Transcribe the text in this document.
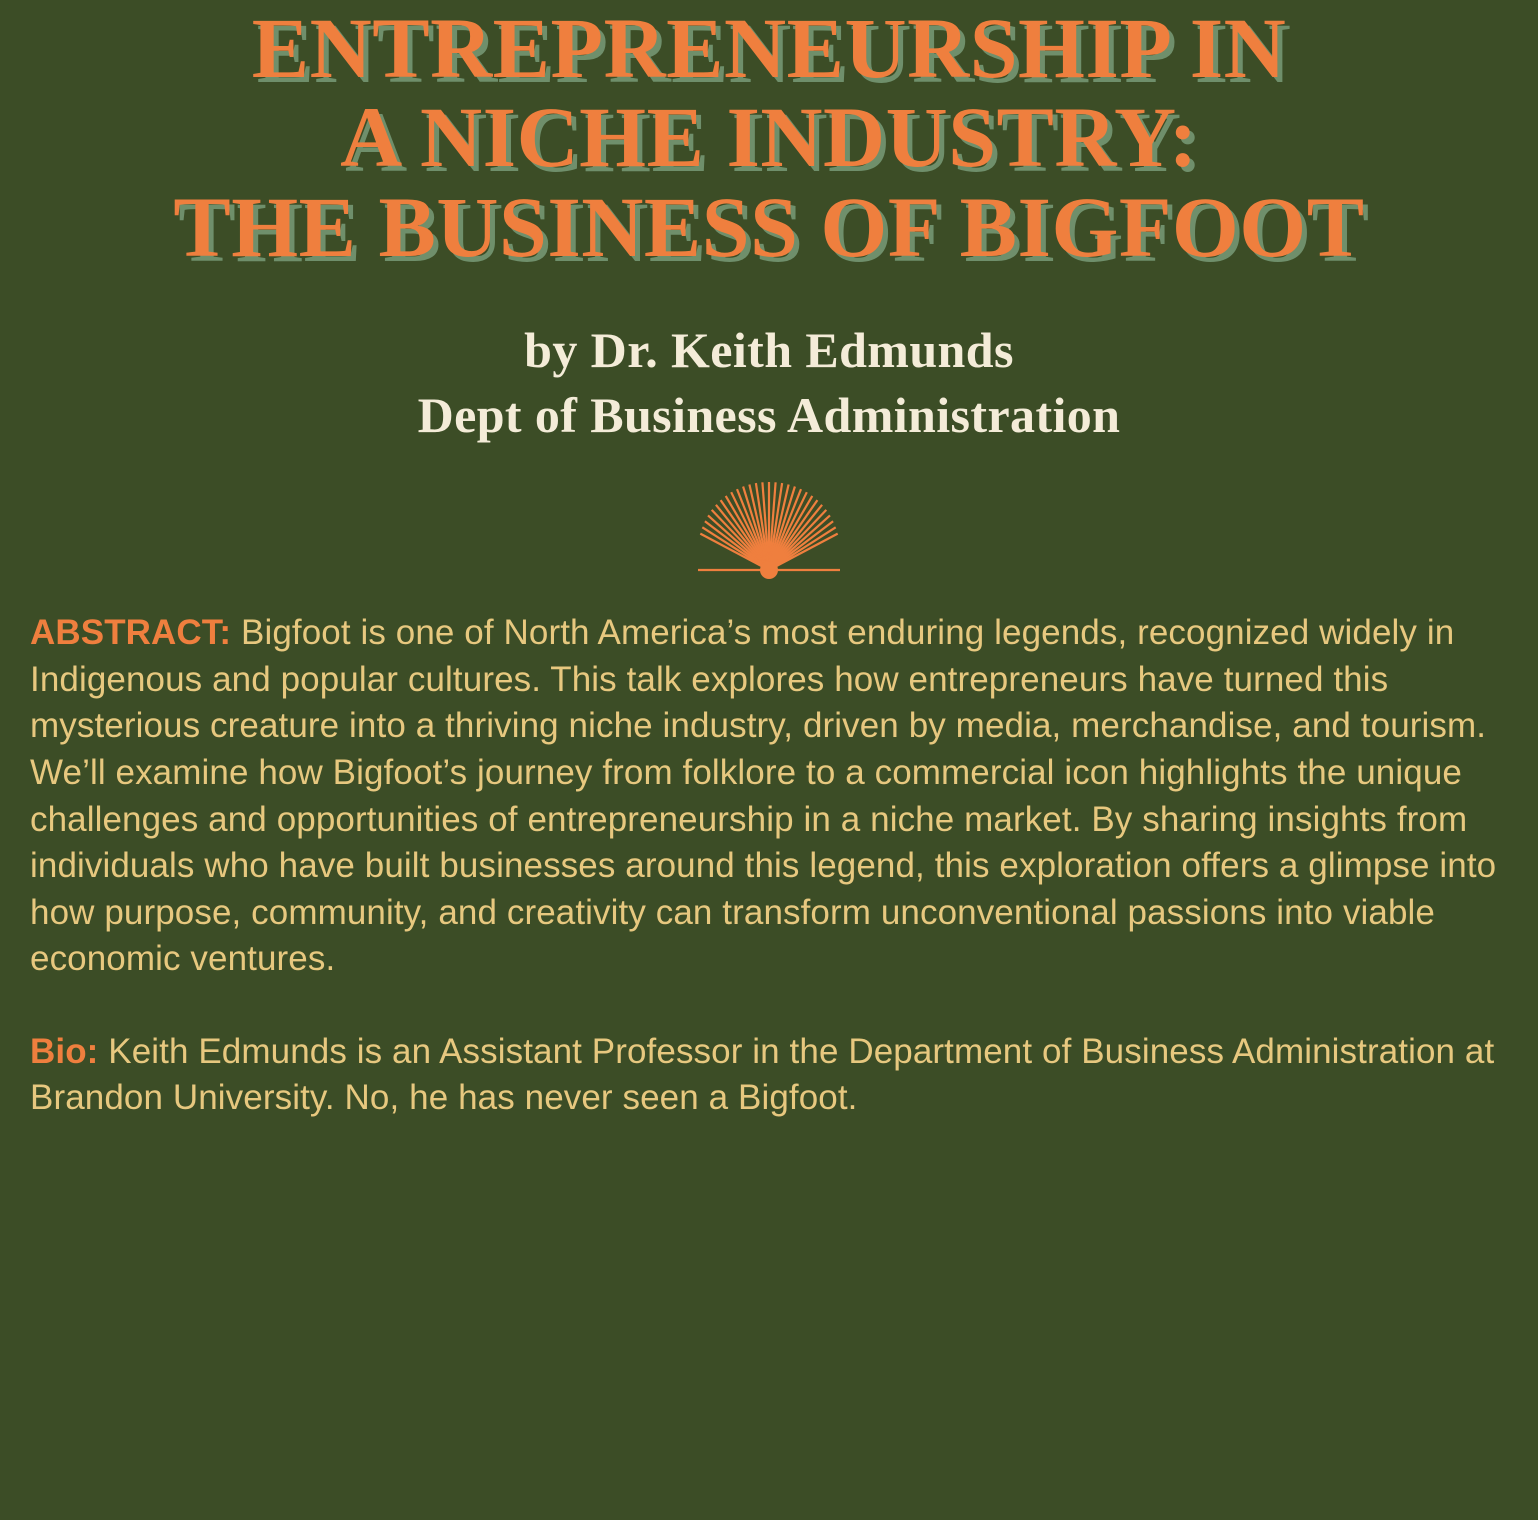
ENTREPRENEURSHIP IN
A NICHE INDUSTRY:
THE BUSINESS OF BIGFOOT
by Dr. Keith Edmunds
Dept of Business Administration

ABSTRACT: Bigfoot is one of North America’s most enduring legends, recognized widely in Indigenous and popular cultures. This talk explores how entrepreneurs have turned this mysterious creature into a thriving niche industry, driven by media, merchandise, and tourism. We’ll examine how Bigfoot’s journey from folklore to a commercial icon highlights the unique challenges and opportunities of entrepreneurship in a niche market. By sharing insights from individuals who have built businesses around this legend, this exploration offers a glimpse into how purpose, community, and creativity can transform unconventional passions into viable economic ventures.

Bio: Keith Edmunds is an Assistant Professor in the Department of Business Administration at Brandon University. No, he has never seen a Bigfoot.
